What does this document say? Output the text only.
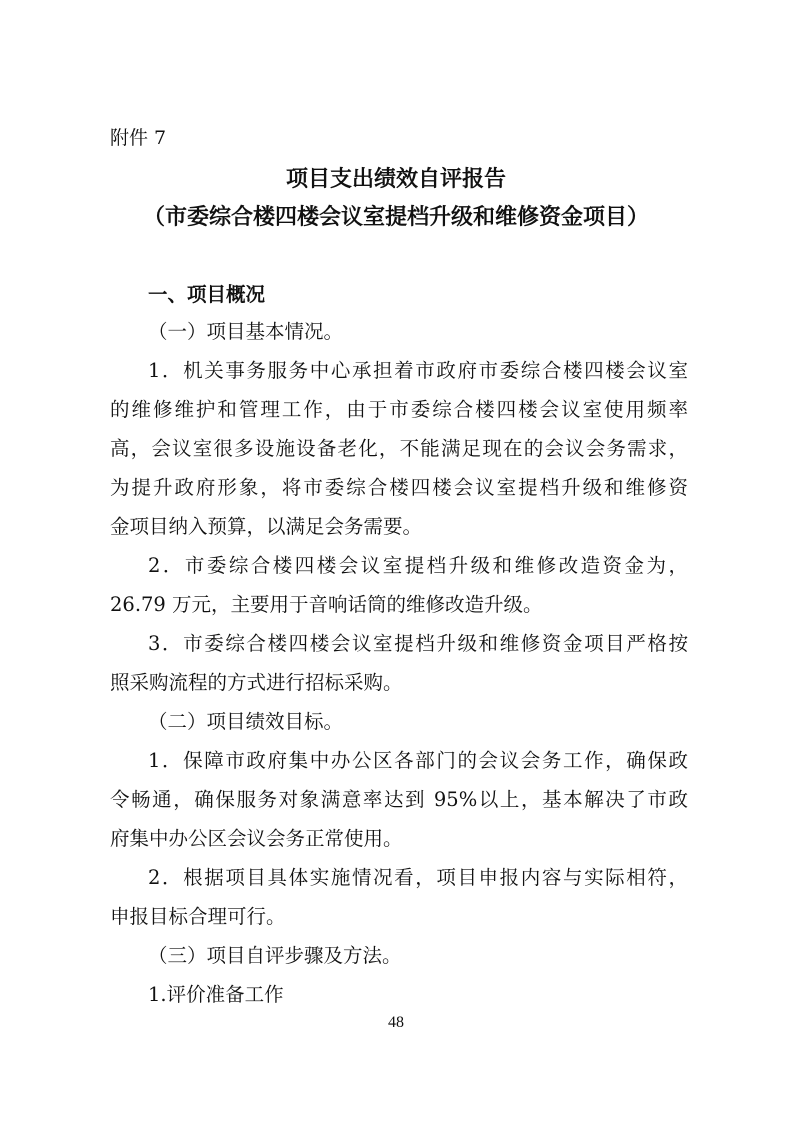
附件 7
项目支出绩效自评报告
（市委综合楼四楼会议室提档升级和维修资金项目）
一、项目概况
（一）项目基本情况。
1．机关事务服务中心承担着市政府市委综合楼四楼会议室
的维修维护和管理工作，由于市委综合楼四楼会议室使用频率
高，会议室很多设施设备老化，不能满足现在的会议会务需求，
为提升政府形象，将市委综合楼四楼会议室提档升级和维修资
金项目纳入预算，以满足会务需要。
2．市委综合楼四楼会议室提档升级和维修改造资金为，
26.79 万元，主要用于音响话筒的维修改造升级。
3．市委综合楼四楼会议室提档升级和维修资金项目严格按
照采购流程的方式进行招标采购。
（二）项目绩效目标。
1．保障市政府集中办公区各部门的会议会务工作，确保政
令畅通，确保服务对象满意率达到 95%以上，基本解决了市政
府集中办公区会议会务正常使用。
2．根据项目具体实施情况看，项目申报内容与实际相符，
申报目标合理可行。
（三）项目自评步骤及方法。
1.评价准备工作
48
